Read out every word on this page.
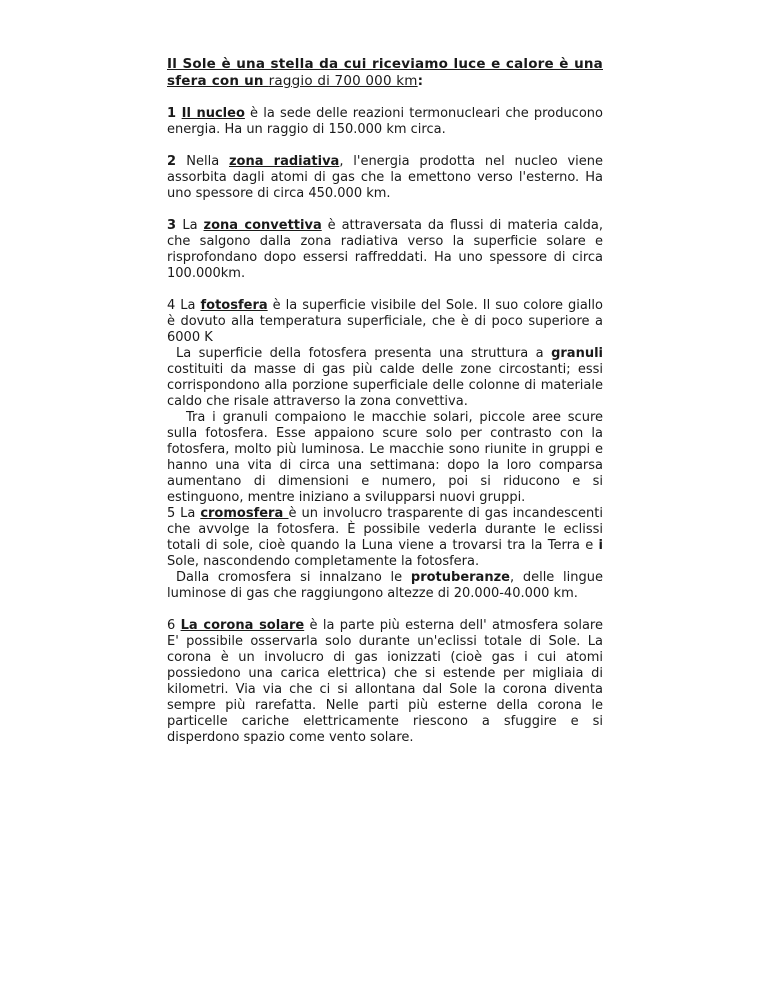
Il Sole è una stella da cui riceviamo luce e calore è una sfera con un raggio di 700 000 km:

1 Il nucleo è la sede delle reazioni termonucleari che producono energia. Ha un raggio di 150.000 km circa.

2 Nella zona radiativa, l'energia prodotta nel nucleo viene assorbita dagli atomi di gas che la emettono verso l'esterno. Ha uno spessore di circa 450.000 km.

3 La zona convettiva è attraversata da flussi di materia calda, che salgono dalla zona radiativa verso la superficie solare e risprofondano dopo essersi raffreddati. Ha uno spessore di circa 100.000km.

4 La fotosfera è la superficie visibile del Sole. Il suo colore giallo è dovuto alla temperatura superficiale, che è di poco superiore a 6000 K

La superficie della fotosfera presenta una struttura a granuli costituiti da masse di gas più calde delle zone circostanti; essi corrispondono alla porzione superficiale delle colonne di materiale caldo che risale attraverso la zona convettiva.

Tra i granuli compaiono le macchie solari, piccole aree scure sulla fotosfera. Esse appaiono scure solo per contrasto con la fotosfera, molto più luminosa. Le macchie sono riunite in gruppi e hanno una vita di circa una settimana: dopo la loro comparsa aumentano di dimensioni e numero, poi si riducono e si estinguono, mentre iniziano a svilupparsi nuovi gruppi.

5 La cromosfera è un involucro trasparente di gas incandescenti che avvolge la fotosfera. È possibile vederla durante le eclissi totali di sole, cioè quando la Luna viene a trovarsi tra la Terra e i Sole, nascondendo completamente la fotosfera.

Dalla cromosfera si innalzano le protuberanze, delle lingue luminose di gas che raggiungono altezze di 20.000-40.000 km.

6 La corona solare è la parte più esterna dell' atmosfera solare E' possibile osservarla solo durante un'eclissi totale di Sole. La corona è un involucro di gas ionizzati (cioè gas i cui atomi possiedono una carica elettrica) che si estende per migliaia di kilometri. Via via che ci si allontana dal Sole la corona diventa sempre più rarefatta. Nelle parti più esterne della corona le particelle cariche elettricamente riescono a sfuggire e si disperdono spazio come vento solare.
